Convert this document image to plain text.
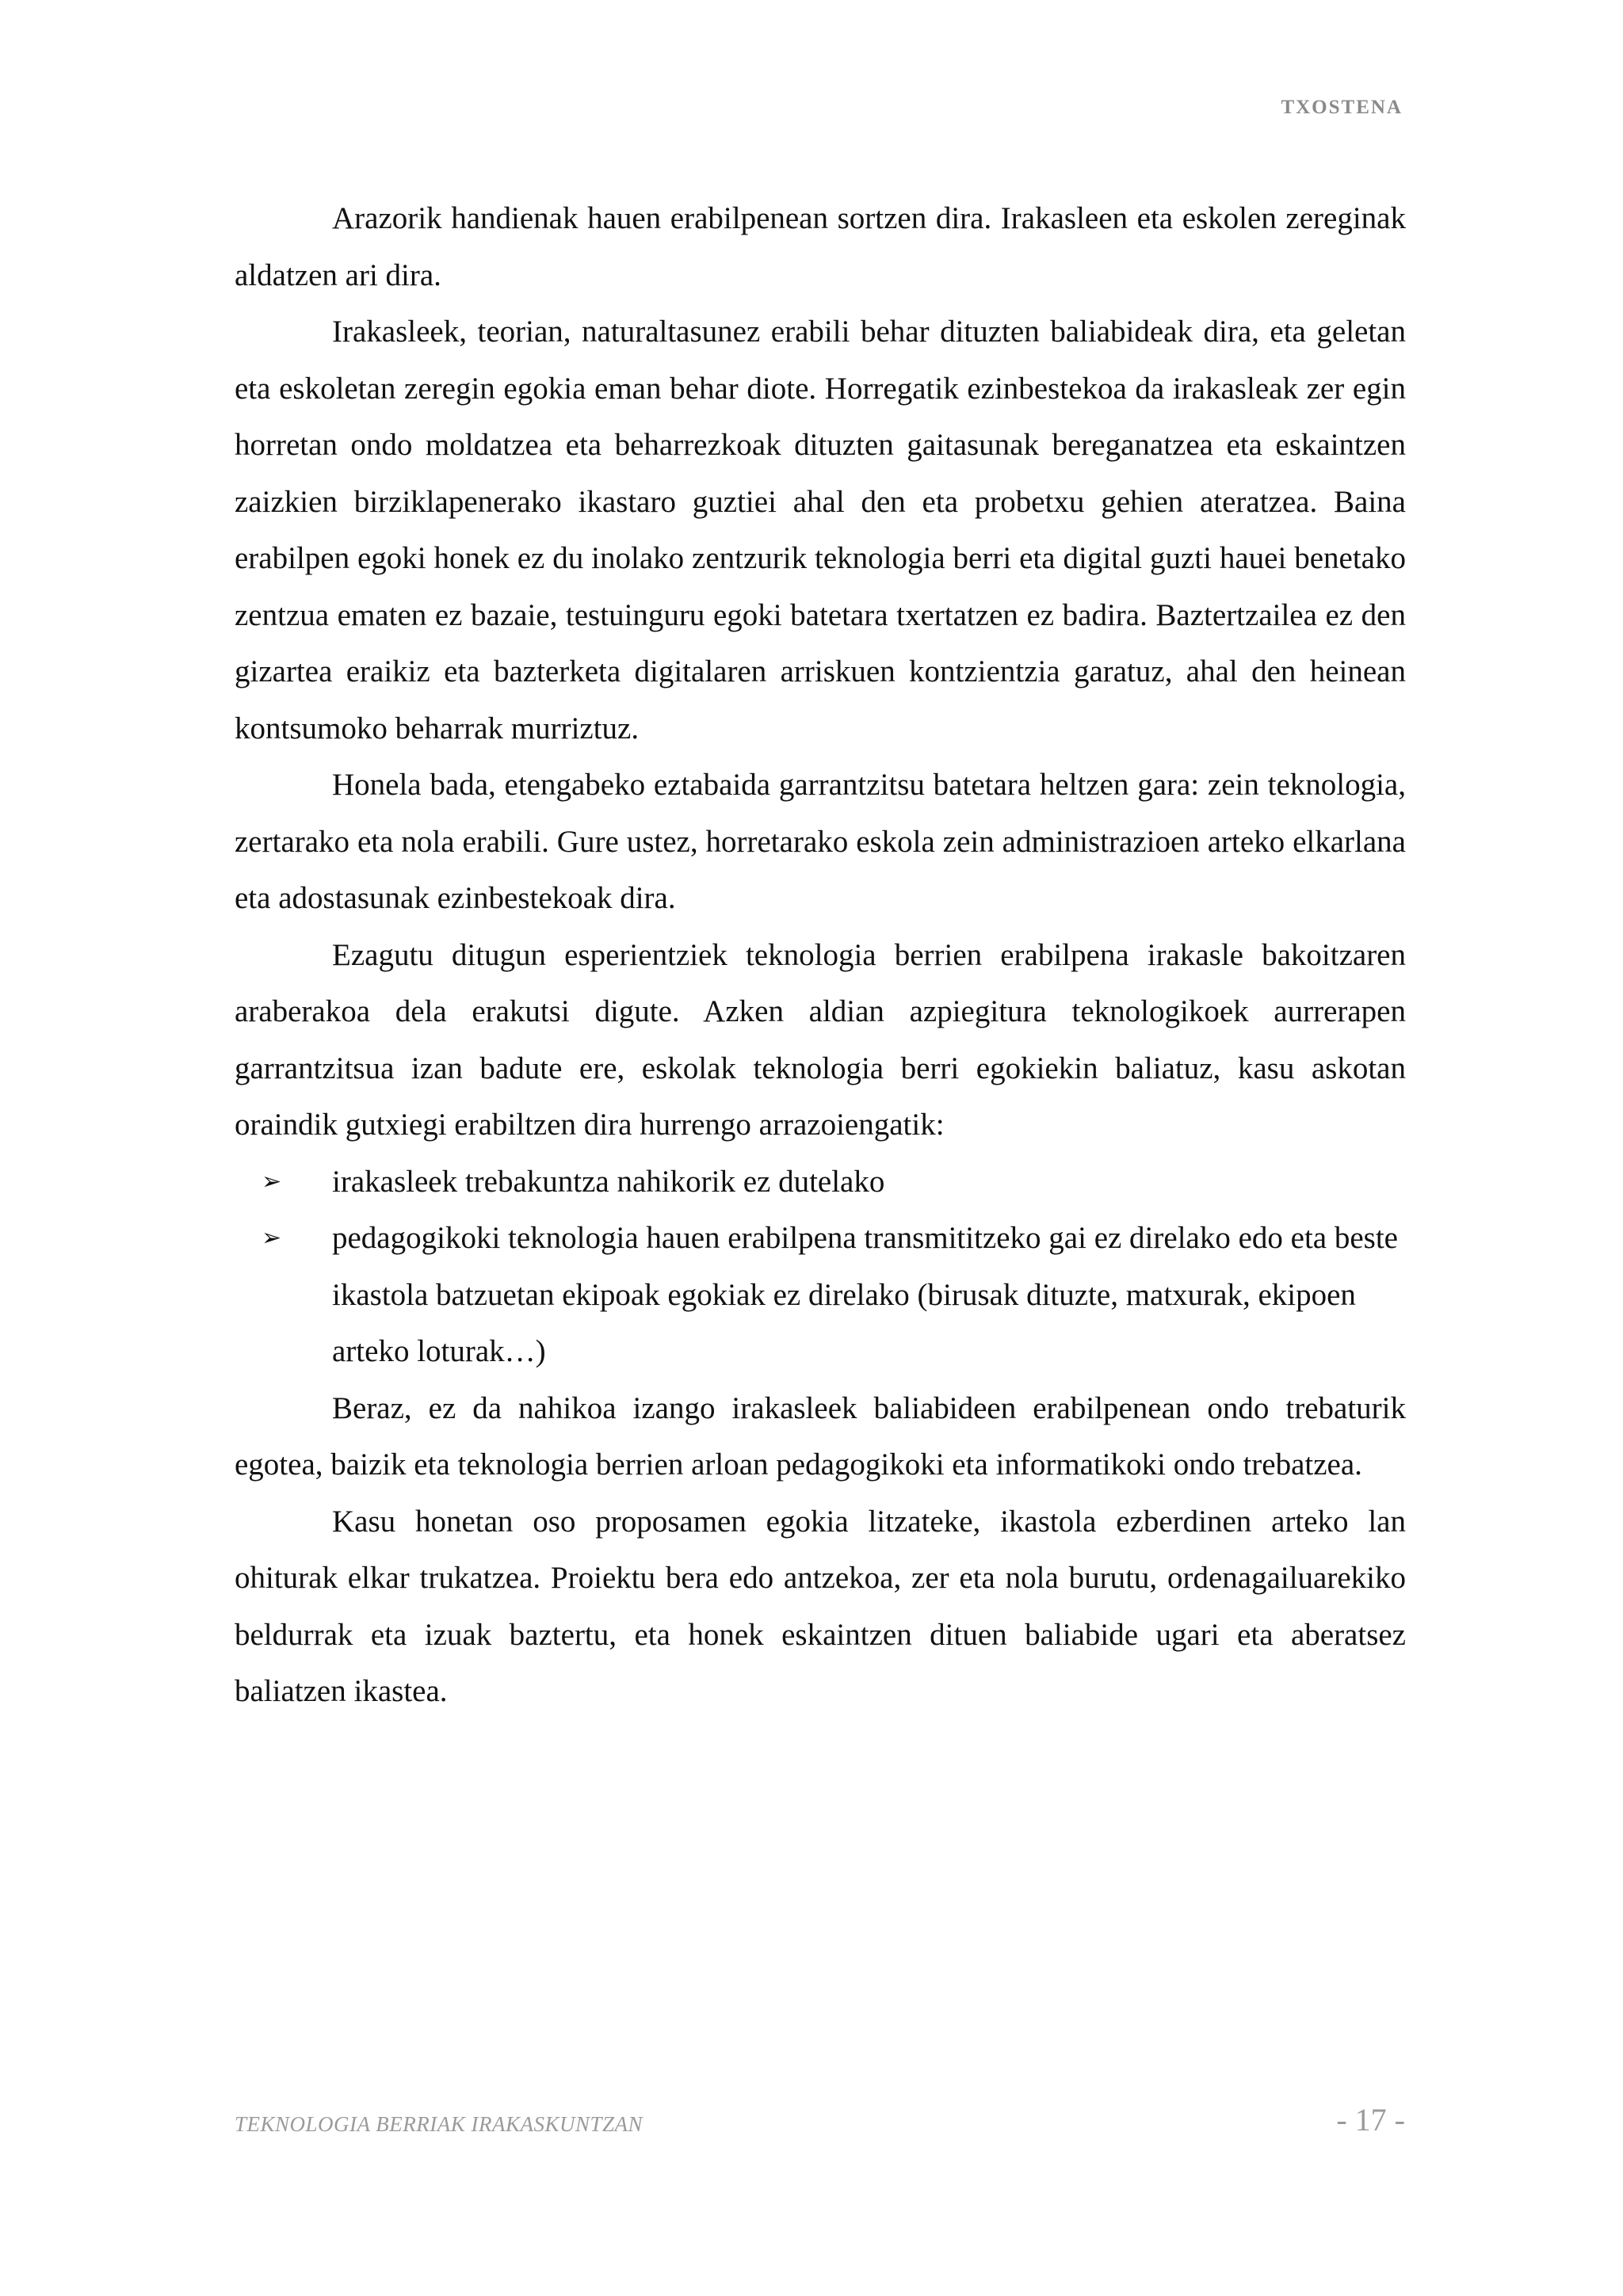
TXOSTENA

Arazorik handienak hauen erabilpenean sortzen dira. Irakasleen eta eskolen zereginak aldatzen ari dira.

Irakasleek, teorian, naturaltasunez erabili behar dituzten baliabideak dira, eta geletan eta eskoletan zeregin egokia eman behar diote. Horregatik ezinbestekoa da irakasleak zer egin horretan ondo moldatzea eta beharrezkoak dituzten gaitasunak bereganatzea eta eskaintzen zaizkien birziklapenerako ikastaro guztiei ahal den eta probetxu gehien ateratzea. Baina erabilpen egoki honek ez du inolako zentzurik teknologia berri eta digital guzti hauei benetako zentzua ematen ez bazaie, testuinguru egoki batetara txertatzen ez badira. Baztertzailea ez den gizartea eraikiz eta bazterketa digitalaren arriskuen kontzientzia garatuz, ahal den heinean kontsumoko beharrak murriztuz.

Honela bada, etengabeko eztabaida garrantzitsu batetara heltzen gara: zein teknologia, zertarako eta nola erabili. Gure ustez, horretarako eskola zein administrazioen arteko elkarlana eta adostasunak ezinbestekoak dira.

Ezagutu ditugun esperientziek teknologia berrien erabilpena irakasle bakoitzaren araberakoa dela erakutsi digute. Azken aldian azpiegitura teknologikoek aurrerapen garrantzitsua izan badute ere, eskolak teknologia berri egokiekin baliatuz, kasu askotan oraindik gutxiegi erabiltzen dira hurrengo arrazoiengatik:

➢ irakasleek trebakuntza nahikorik ez dutelako
➢ pedagogikoki teknologia hauen erabilpena transmititzeko gai ez direlako edo eta beste ikastola batzuetan ekipoak egokiak ez direlako (birusak dituzte, matxurak, ekipoen arteko loturak…)

Beraz, ez da nahikoa izango irakasleek baliabideen erabilpenean ondo trebaturik egotea, baizik eta teknologia berrien arloan pedagogikoki eta informatikoki ondo trebatzea.

Kasu honetan oso proposamen egokia litzateke, ikastola ezberdinen arteko lan ohiturak elkar trukatzea. Proiektu bera edo antzekoa, zer eta nola burutu, ordenagailuarekiko beldurrak eta izuak baztertu, eta honek eskaintzen dituen baliabide ugari eta aberatsez baliatzen ikastea.

TEKNOLOGIA BERRIAK IRAKASKUNTZAN	- 17 -
